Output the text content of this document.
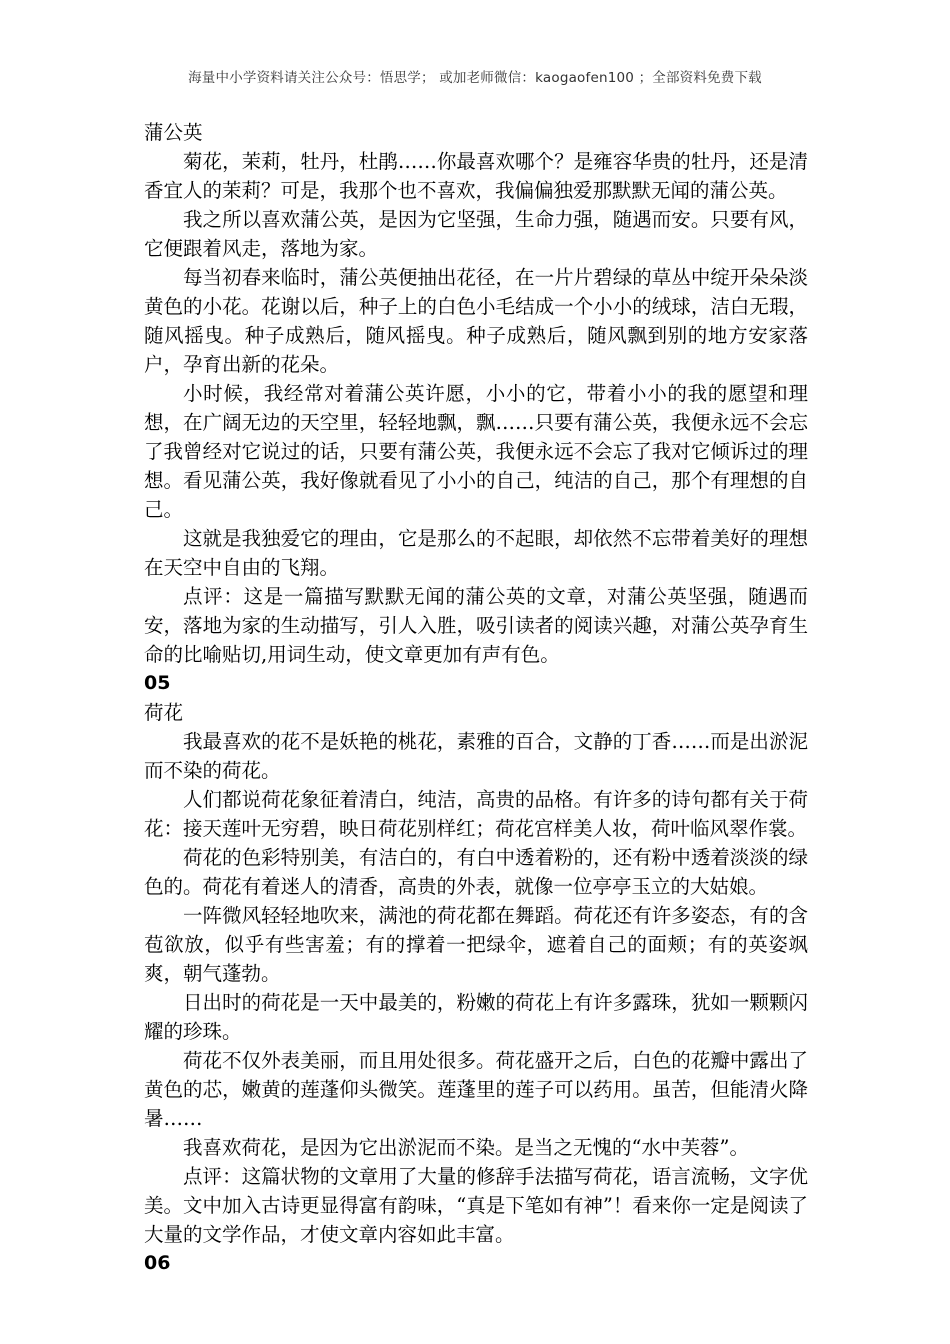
海量中小学资料请关注公众号：悟思学； 或加老师微信：kaogaofen100 ；全部资料免费下载

蒲公英

菊花，茉莉，牡丹，杜鹃……你最喜欢哪个？是雍容华贵的牡丹，还是清香宜人的茉莉？可是，我那个也不喜欢，我偏偏独爱那默默无闻的蒲公英。

我之所以喜欢蒲公英，是因为它坚强，生命力强，随遇而安。只要有风，它便跟着风走，落地为家。

每当初春来临时，蒲公英便抽出花径，在一片片碧绿的草丛中绽开朵朵淡黄色的小花。花谢以后，种子上的白色小毛结成一个小小的绒球，洁白无瑕，随风摇曳。种子成熟后，随风摇曳。种子成熟后，随风飘到别的地方安家落户，孕育出新的花朵。

小时候，我经常对着蒲公英许愿，小小的它，带着小小的我的愿望和理想，在广阔无边的天空里，轻轻地飘，飘……只要有蒲公英，我便永远不会忘了我曾经对它说过的话，只要有蒲公英，我便永远不会忘了我对它倾诉过的理想。看见蒲公英，我好像就看见了小小的自己，纯洁的自己，那个有理想的自己。

这就是我独爱它的理由，它是那么的不起眼，却依然不忘带着美好的理想在天空中自由的飞翔。

点评：这是一篇描写默默无闻的蒲公英的文章，对蒲公英坚强，随遇而安，落地为家的生动描写，引人入胜，吸引读者的阅读兴趣，对蒲公英孕育生命的比喻贴切,用词生动，使文章更加有声有色。

05

荷花

我最喜欢的花不是妖艳的桃花，素雅的百合，文静的丁香……而是出淤泥而不染的荷花。

人们都说荷花象征着清白，纯洁，高贵的品格。有许多的诗句都有关于荷花：接天莲叶无穷碧，映日荷花别样红；荷花宫样美人妆，荷叶临风翠作裳。

荷花的色彩特别美，有洁白的，有白中透着粉的，还有粉中透着淡淡的绿色的。荷花有着迷人的清香，高贵的外表，就像一位亭亭玉立的大姑娘。

一阵微风轻轻地吹来，满池的荷花都在舞蹈。荷花还有许多姿态，有的含苞欲放，似乎有些害羞；有的撑着一把绿伞，遮着自己的面颊；有的英姿飒爽，朝气蓬勃。

日出时的荷花是一天中最美的，粉嫩的荷花上有许多露珠，犹如一颗颗闪耀的珍珠。

荷花不仅外表美丽，而且用处很多。荷花盛开之后，白色的花瓣中露出了黄色的芯，嫩黄的莲蓬仰头微笑。莲蓬里的莲子可以药用。虽苦，但能清火降暑……

我喜欢荷花，是因为它出淤泥而不染。是当之无愧的“水中芙蓉”。

点评：这篇状物的文章用了大量的修辞手法描写荷花，语言流畅，文字优美。文中加入古诗更显得富有韵味，“真是下笔如有神”！看来你一定是阅读了大量的文学作品，才使文章内容如此丰富。

06
